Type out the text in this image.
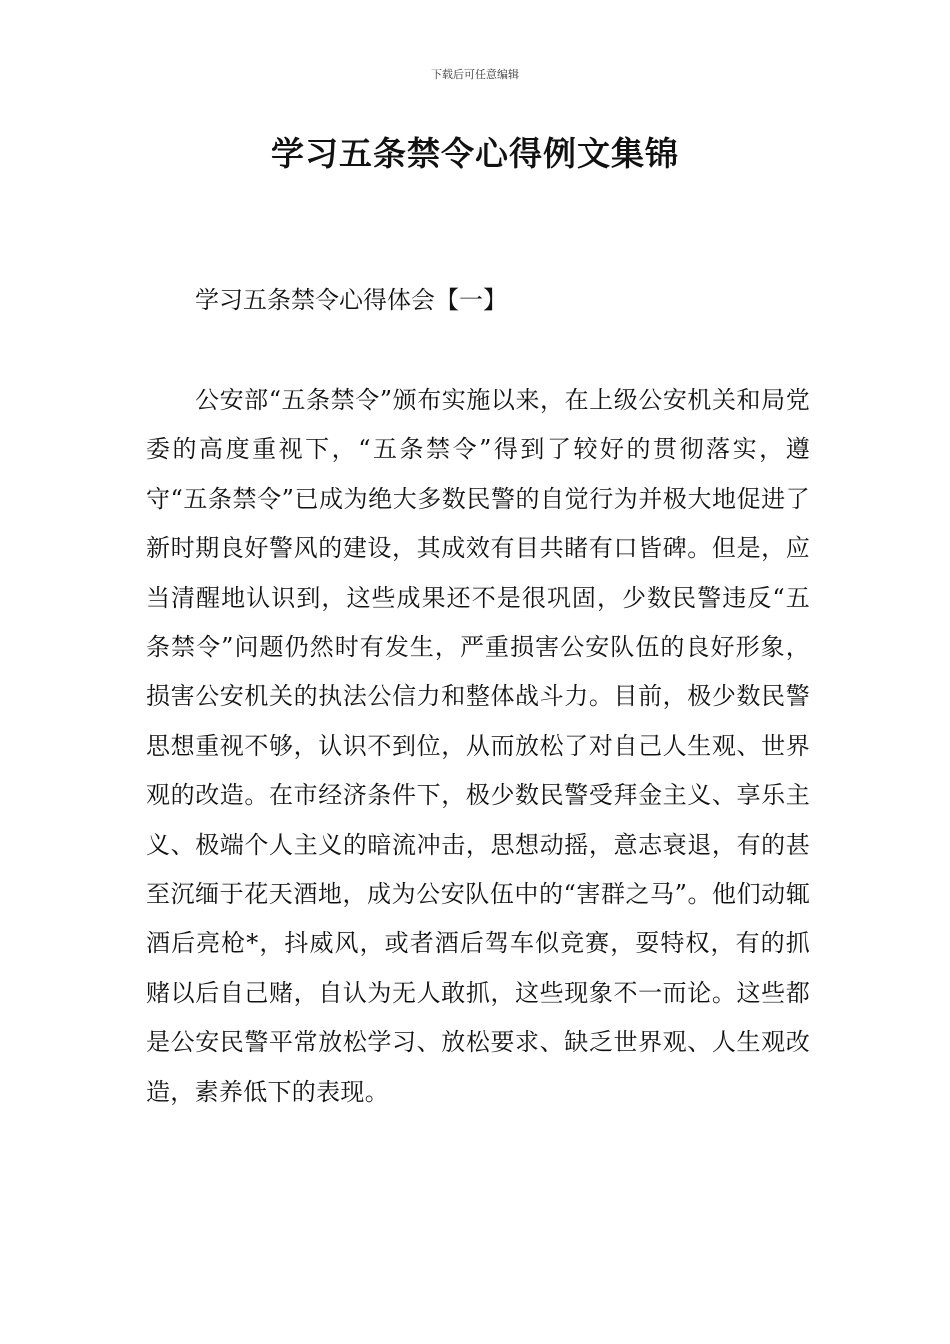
下载后可任意编辑
学习五条禁令心得例文集锦
学习五条禁令心得体会【一】

公安部“五条禁令”颁布实施以来，在上级公安机关和局党委的高度重视下，“五条禁令”得到了较好的贯彻落实，遵守“五条禁令”已成为绝大多数民警的自觉行为并极大地促进了新时期良好警风的建设，其成效有目共睹有口皆碑。但是，应当清醒地认识到，这些成果还不是很巩固，少数民警违反“五条禁令”问题仍然时有发生，严重损害公安队伍的良好形象，损害公安机关的执法公信力和整体战斗力。目前，极少数民警思想重视不够，认识不到位，从而放松了对自己人生观、世界观的改造。在市经济条件下，极少数民警受拜金主义、享乐主义、极端个人主义的暗流冲击，思想动摇，意志衰退，有的甚至沉缅于花天酒地，成为公安队伍中的“害群之马”。他们动辄酒后亮枪*，抖威风，或者酒后驾车似竞赛，耍特权，有的抓赌以后自己赌，自认为无人敢抓，这些现象不一而论。这些都是公安民警平常放松学习、放松要求、缺乏世界观、人生观改造，素养低下的表现。
